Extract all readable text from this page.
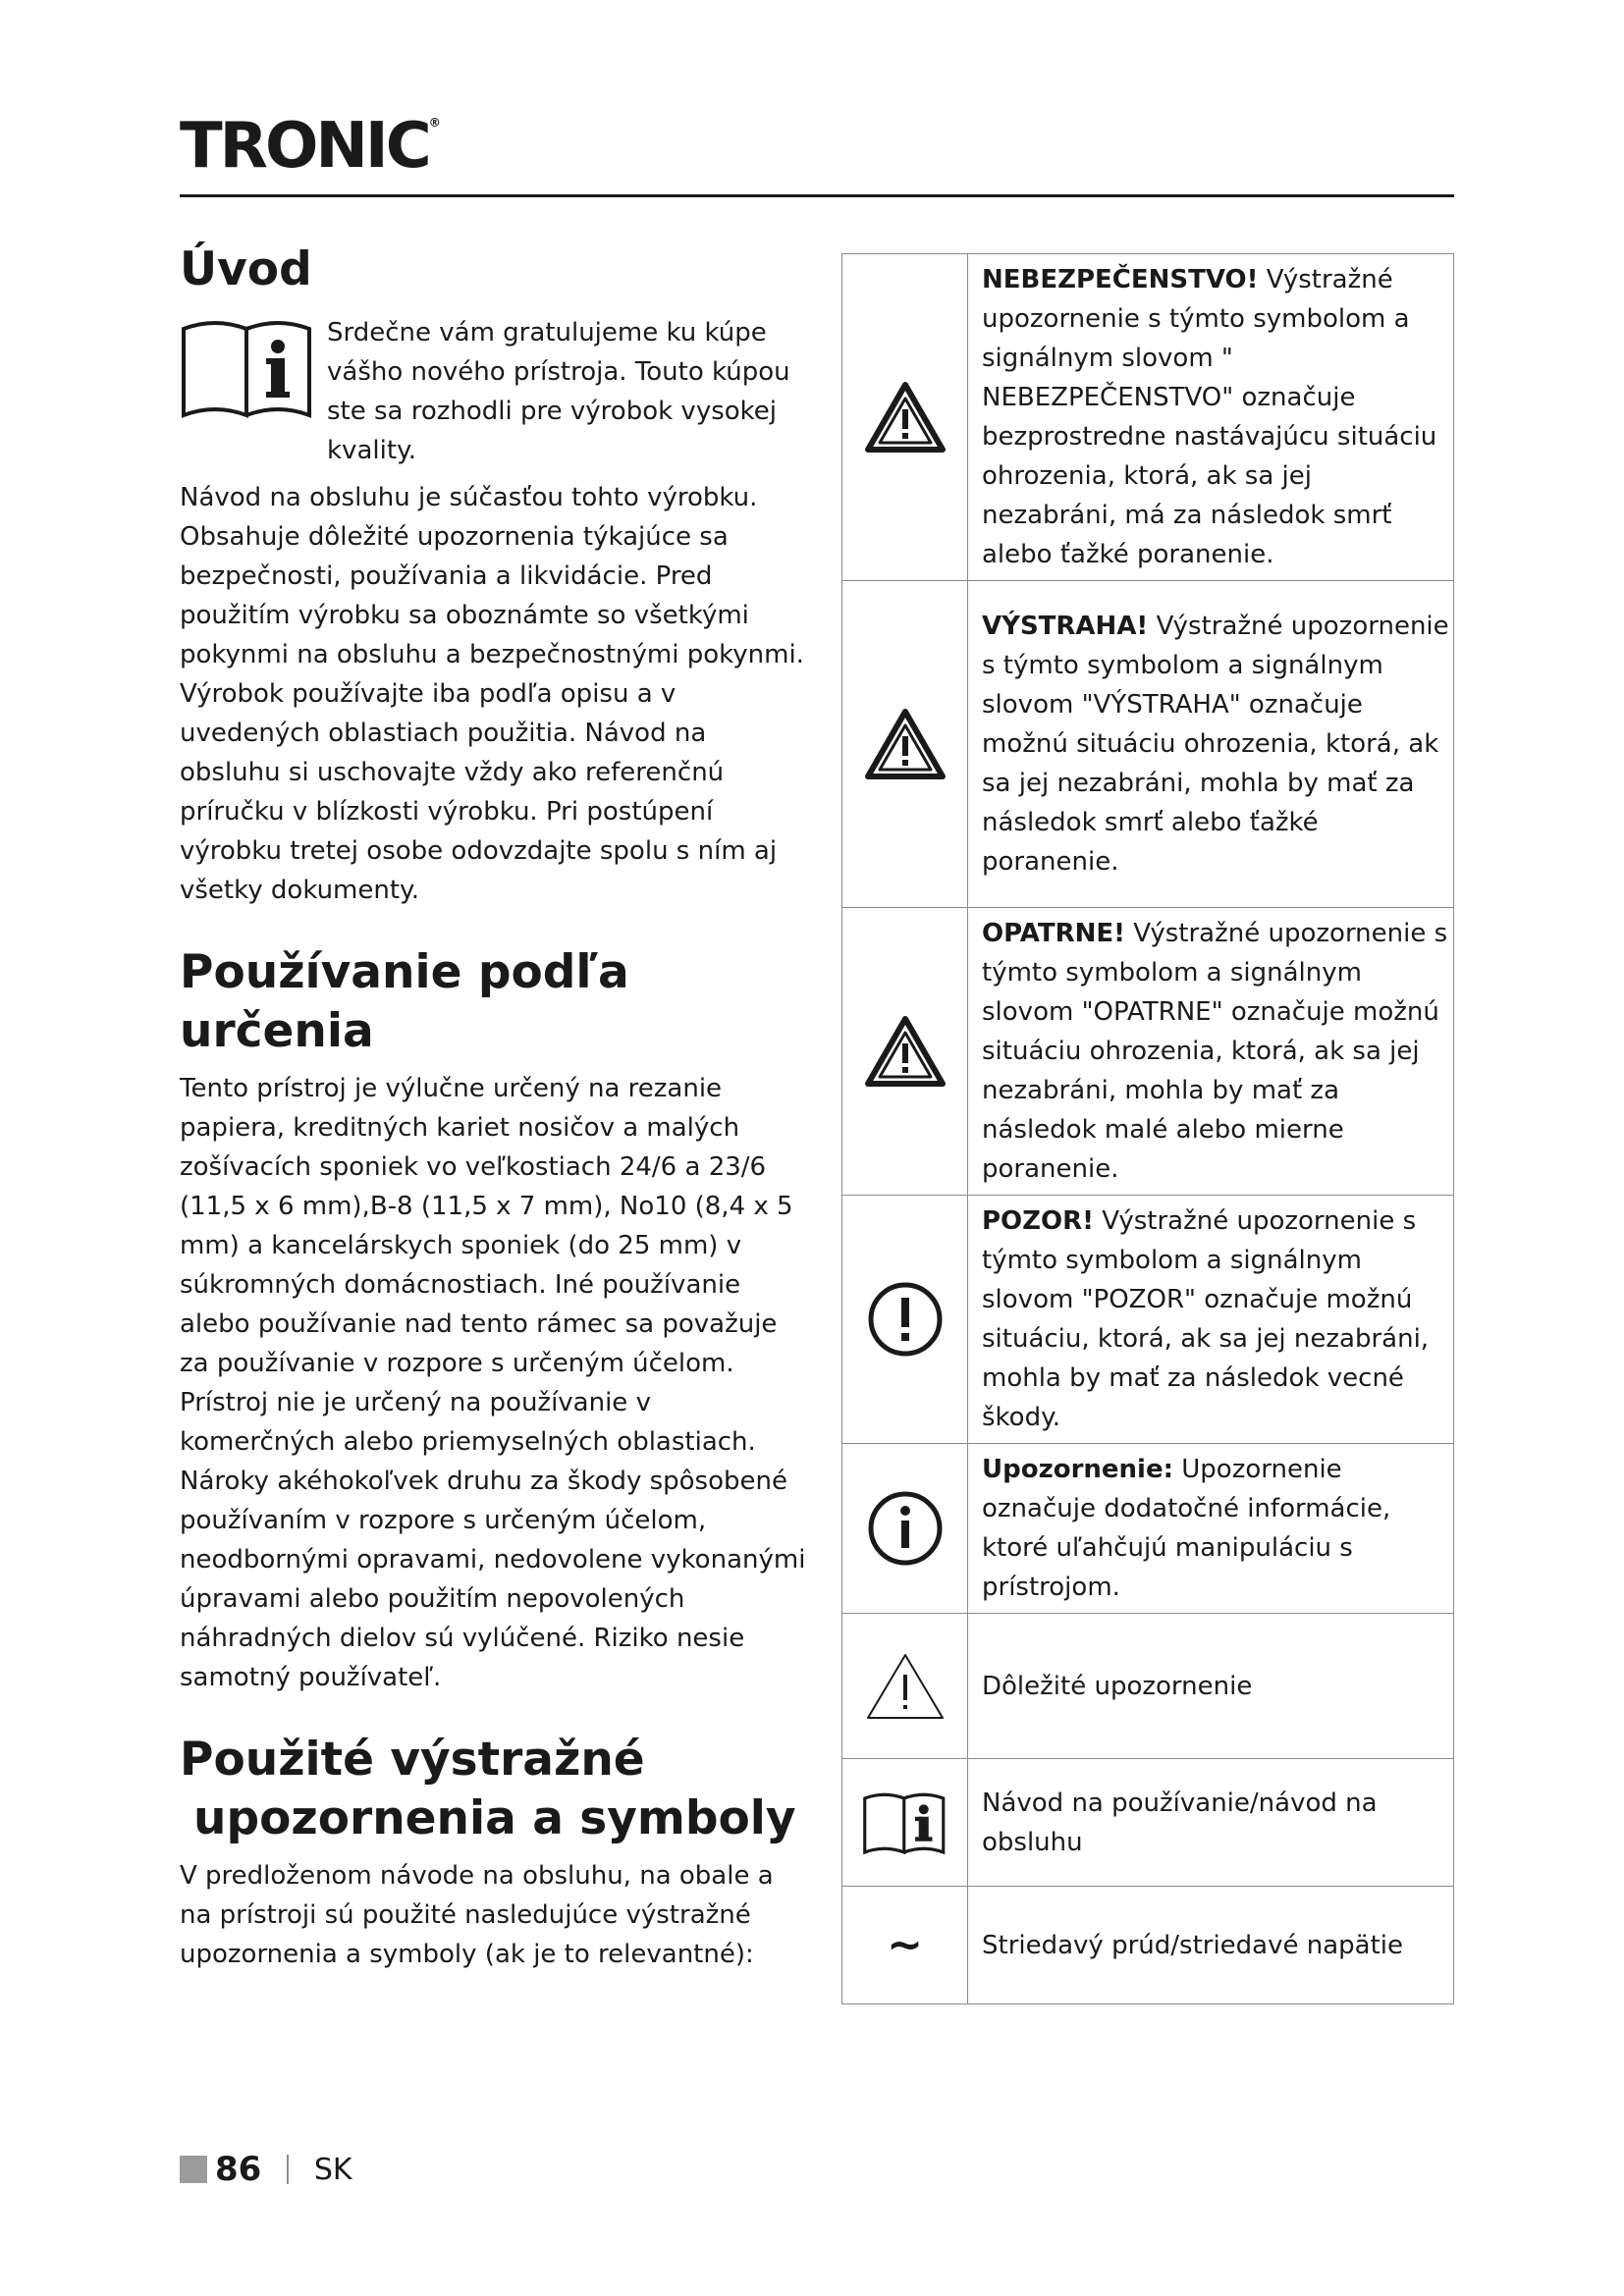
TRONIC®
Úvod

Srdečne vám gratulujeme ku kúpe vášho nového prístroja. Touto kúpou ste sa rozhodli pre výrobok vysokej kvality.

Návod na obsluhu je súčasťou tohto výrobku. Obsahuje dôležité upozornenia týkajúce sa bezpečnosti, používania a likvidácie. Pred použitím výrobku sa oboznámte so všetkými pokynmi na obsluhu a bezpečnostnými pokynmi. Výrobok používajte iba podľa opisu a v uvedených oblastiach použitia. Návod na obsluhu si uschovajte vždy ako referenčnú príručku v blízkosti výrobku. Pri postúpení výrobku tretej osobe odovzdajte spolu s ním aj všetky dokumenty.

Používanie podľa
určenia

Tento prístroj je výlučne určený na rezanie papiera, kreditných kariet nosičov a malých zošívacích sponiek vo veľkostiach 24/6 a 23/6 (11,5 x 6 mm),B-8 (11,5 x 7 mm), No10 (8,4 x 5 mm) a kancelárskych sponiek (do 25 mm) v súkromných domácnostiach. Iné používanie alebo používanie nad tento rámec sa považuje za používanie v rozpore s určeným účelom. Prístroj nie je určený na používanie v komerčných alebo priemyselných oblastiach.

Nároky akéhokoľvek druhu za škody spôsobené používaním v rozpore s určeným účelom, neodbornými opravami, nedovolene vykonanými úpravami alebo použitím nepovolených náhradných dielov sú vylúčené. Riziko nesie samotný používateľ.

Použité výstražné
upozornenia a symboly

V predloženom návode na obsluhu, na obale a na prístroji sú použité nasledujúce výstražné upozornenia a symboly (ak je to relevantné):

	NEBEZPEČENSTVO! Výstražné upozornenie s týmto symbolom a signálnym slovom " NEBEZPEČENSTVO" označuje bezprostredne nastávajúcu situáciu ohrozenia, ktorá, ak sa jej nezabráni, má za následok smrť alebo ťažké poranenie.

	VÝSTRAHA! Výstražné upozornenie s týmto symbolom a signálnym slovom "VÝSTRAHA" označuje možnú situáciu ohrozenia, ktorá, ak sa jej nezabráni, mohla by mať za následok smrť alebo ťažké poranenie.

	OPATRNE! Výstražné upozornenie s týmto symbolom a signálnym slovom "OPATRNE" označuje možnú situáciu ohrozenia, ktorá, ak sa jej nezabráni, mohla by mať za následok malé alebo mierne poranenie.

	POZOR! Výstražné upozornenie s týmto symbolom a signálnym slovom "POZOR" označuje možnú situáciu, ktorá, ak sa jej nezabráni, mohla by mať za následok vecné škody.

	Upozornenie: Upozornenie označuje dodatočné informácie, ktoré uľahčujú manipuláciu s prístrojom.

	Dôležité upozornenie

	Návod na používanie/návod na obsluhu
~	Striedavý prúd/striedavé napätie
86 SK
